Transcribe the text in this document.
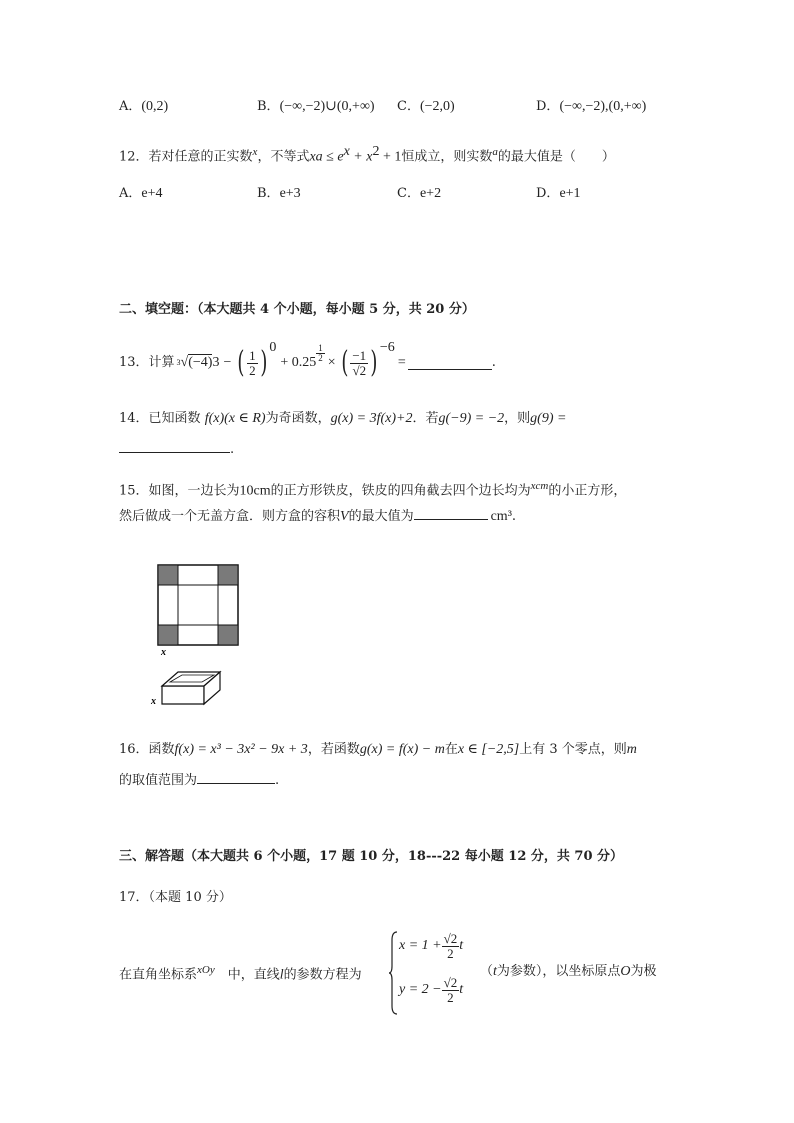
A．(0,2)	B．(−∞,−2)∪(0,+∞) C．(−2,0)	D．(−∞,−2),(0,+∞)
12．若对任意的正实数$^x$，不等式xa ≤ $e^x + x^2 + 1$恒成立，则实数$^a$的最大值是（　　）
A．e+4	B．e+3	C．e+2	D．e+1
二、填空题：（本大题共 4 个小题，每小题 5 分，共 20 分）
13．计算 3 √ (−4) 3 − ( $\frac{1}{2}$ ) 0
+ $0.25 \frac{1}{2}$ × ( $\frac{-1}{√2}$ ) −6
=	.
14．已知函数 f(x)(x ∈ R)为奇函数，g(x) = 3f(x)+2．若g(−9) = −2，则g(9) =
.
15．如图，一边长为10cm的正方形铁皮，铁皮的四角截去四个边长均为$^{xcm}$的小正方形，
然后做成一个无盖方盒．则方盒的容积V的最大值为	cm³.
x
x
16．函数f(x) = x³ − 3x² − 9x + 3，若函数g(x) = f(x) − m在x ∈ [−2,5]上有 3 个零点，则m
的取值范围为	.
三、解答题（本大题共 6 个小题，17 题 10 分，18---22 每小题 12 分，共 70 分）
17．（本题 10 分）
在直角坐标系$^{xOy}$　中，直线l的参数方程为
$x = 1 + \frac{√2}{2}$ t
$y = 2 - \frac{√2}{2}$ t
（t为参数），以坐标原点O为极
